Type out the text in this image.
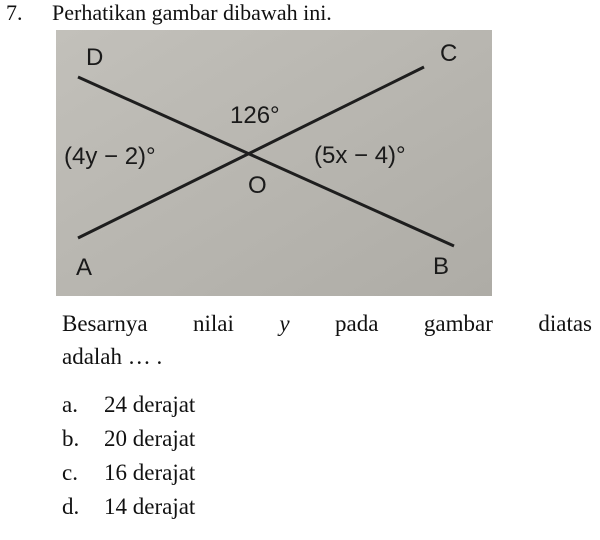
7. Perhatikan gambar dibawah ini.
D	C
A	B
O
126°
(4y − 2)°	(5x − 4)°
Besarnya nilai y pada gambar diatas
adalah … .
a. 24 derajat
b. 20 derajat
c. 16 derajat
d. 14 derajat
